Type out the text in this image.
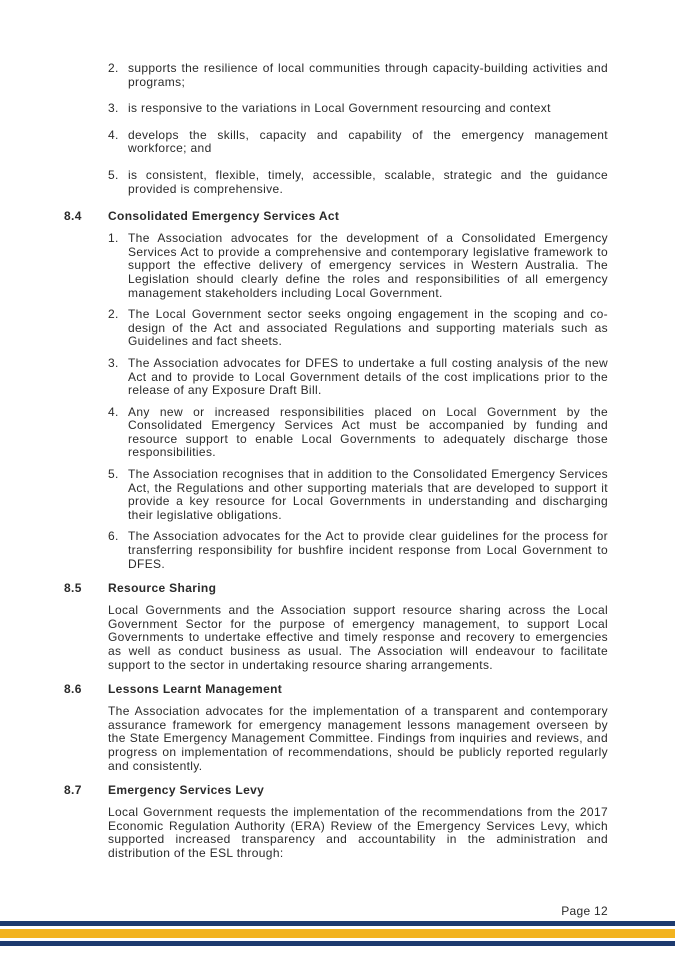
2. supports the resilience of local communities through capacity-building activities and programs;
3. is responsive to the variations in Local Government resourcing and context
4. develops the skills, capacity and capability of the emergency management workforce; and
5. is consistent, flexible, timely, accessible, scalable, strategic and the guidance provided is comprehensive.
8.4	Consolidated Emergency Services Act
1. The Association advocates for the development of a Consolidated Emergency Services Act to provide a comprehensive and contemporary legislative framework to support the effective delivery of emergency services in Western Australia. The Legislation should clearly define the roles and responsibilities of all emergency management stakeholders including Local Government.
2. The Local Government sector seeks ongoing engagement in the scoping and co-design of the Act and associated Regulations and supporting materials such as Guidelines and fact sheets.
3. The Association advocates for DFES to undertake a full costing analysis of the new Act and to provide to Local Government details of the cost implications prior to the release of any Exposure Draft Bill.
4. Any new or increased responsibilities placed on Local Government by the Consolidated Emergency Services Act must be accompanied by funding and resource support to enable Local Governments to adequately discharge those responsibilities.
5. The Association recognises that in addition to the Consolidated Emergency Services Act, the Regulations and other supporting materials that are developed to support it provide a key resource for Local Governments in understanding and discharging their legislative obligations.
6. The Association advocates for the Act to provide clear guidelines for the process for transferring responsibility for bushfire incident response from Local Government to DFES.
8.5	Resource Sharing
Local Governments and the Association support resource sharing across the Local Government Sector for the purpose of emergency management, to support Local Governments to undertake effective and timely response and recovery to emergencies as well as conduct business as usual. The Association will endeavour to facilitate support to the sector in undertaking resource sharing arrangements.
8.6	Lessons Learnt Management
The Association advocates for the implementation of a transparent and contemporary assurance framework for emergency management lessons management overseen by the State Emergency Management Committee. Findings from inquiries and reviews, and progress on implementation of recommendations, should be publicly reported regularly and consistently.
8.7	Emergency Services Levy
Local Government requests the implementation of the recommendations from the 2017 Economic Regulation Authority (ERA) Review of the Emergency Services Levy, which supported increased transparency and accountability in the administration and distribution of the ESL through:
Page 12
